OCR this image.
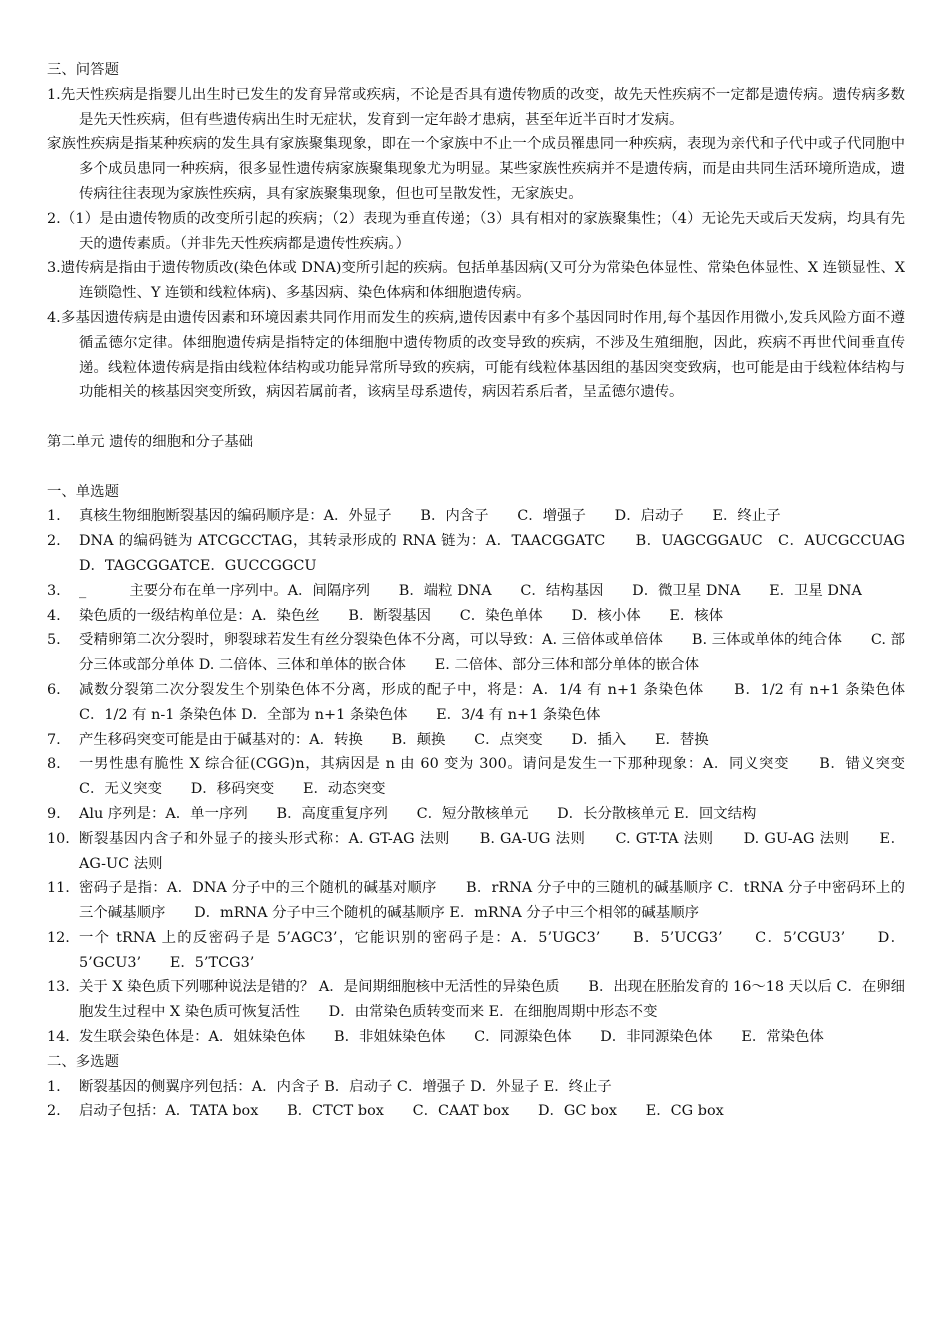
三、问答题

1.先天性疾病是指婴儿出生时已发生的发育异常或疾病，不论是否具有遗传物质的改变，故先天性疾病不一定都是遗传病。遗传病多数是先天性疾病，但有些遗传病出生时无症状，发育到一定年龄才患病，甚至年近半百时才发病。

家族性疾病是指某种疾病的发生具有家族聚集现象，即在一个家族中不止一个成员罹患同一种疾病，表现为亲代和子代中或子代同胞中多个成员患同一种疾病，很多显性遗传病家族聚集现象尤为明显。某些家族性疾病并不是遗传病，而是由共同生活环境所造成，遗传病往往表现为家族性疾病，具有家族聚集现象，但也可呈散发性，无家族史。

2.（1）是由遗传物质的改变所引起的疾病；（2）表现为垂直传递；（3）具有相对的家族聚集性；（4）无论先天或后天发病，均具有先天的遗传素质。（并非先天性疾病都是遗传性疾病。）

3.遗传病是指由于遗传物质改(染色体或 DNA)变所引起的疾病。包括单基因病(又可分为常染色体显性、常染色体显性、X 连锁显性、X 连锁隐性、Y 连锁和线粒体病)、多基因病、染色体病和体细胞遗传病。

4.多基因遗传病是由遗传因素和环境因素共同作用而发生的疾病,遗传因素中有多个基因同时作用,每个基因作用微小,发兵风险方面不遵循孟德尔定律。体细胞遗传病是指特定的体细胞中遗传物质的改变导致的疾病，不涉及生殖细胞，因此，疾病不再世代间垂直传递。线粒体遗传病是指由线粒体结构或功能异常所导致的疾病，可能有线粒体基因组的基因突变致病，也可能是由于线粒体结构与功能相关的核基因突变所致，病因若属前者，该病呈母系遗传，病因若系后者，呈孟德尔遗传。

第二单元 遗传的细胞和分子基础

一、单选题

1.	真核生物细胞断裂基因的编码顺序是：A．外显子　　B．内含子　　C．增强子　　D．启动子　　E．终止子
2.	DNA 的编码链为 ATCGCCTAG，其转录形成的 RNA 链为：A．TAACGGATC　　B．UAGCGGAUC　C．AUCGCCUAG　　D．TAGCGGATCE．GUCCGGCU
3.	_　　　主要分布在单一序列中。A．间隔序列　　B．端粒 DNA　　C．结构基因　　D．微卫星 DNA　　E．卫星 DNA
4.	染色质的一级结构单位是：A．染色丝　　B．断裂基因　　C．染色单体　　D．核小体　　E．核体
5.	受精卵第二次分裂时，卵裂球若发生有丝分裂染色体不分离，可以导致：A. 三倍体或单倍体　　B. 三体或单体的纯合体　　C. 部分三体或部分单体 D. 二倍体、三体和单体的嵌合体　　E. 二倍体、部分三体和部分单体的嵌合体
6.	减数分裂第二次分裂发生个别染色体不分离，形成的配子中，将是：A．1/4 有 n+1 条染色体　　B．1/2 有 n+1 条染色体　　C．1/2 有 n-1 条染色体 D．全部为 n+1 条染色体　　E．3/4 有 n+1 条染色体
7.	产生移码突变可能是由于碱基对的：A．转换　　B．颠换　　C．点突变　　D．插入　　E．替换
8.	一男性患有脆性 X 综合征(CGG)n，其病因是 n 由 60 变为 300。请问是发生一下那种现象：A．同义突变　　B．错义突变　　C．无义突变　　D．移码突变　　E．动态突变
9.	Alu 序列是：A．单一序列　　B．高度重复序列　　C．短分散核单元　　D．长分散核单元 E．回文结构
10. 断裂基因内含子和外显子的接头形式称：A. GT-AG 法则　　B. GA-UG 法则　　C. GT-TA 法则　　D. GU-AG 法则　　E．AG-UC 法则
11. 密码子是指：A．DNA 分子中的三个随机的碱基对顺序　　B．rRNA 分子中的三随机的碱基顺序 C．tRNA 分子中密码环上的三个碱基顺序　　D．mRNA 分子中三个随机的碱基顺序 E．mRNA 分子中三个相邻的碱基顺序
12. 一个 tRNA 上的反密码子是 5’AGC3’，它能识别的密码子是：A．5’UGC3’　　B．5’UCG3’　　C．5’CGU3’　　D．5’GCU3’　　E．5’TCG3’
13. 关于 X 染色质下列哪种说法是错的？ A．是间期细胞核中无活性的异染色质　　B．出现在胚胎发育的 16～18 天以后 C．在卵细胞发生过程中 X 染色质可恢复活性　　D．由常染色质转变而来 E．在细胞周期中形态不变
14. 发生联会染色体是：A．姐妹染色体　　B．非姐妹染色体　　C．同源染色体　　D．非同源染色体　　E．常染色体

二、多选题

1.	断裂基因的侧翼序列包括：A．内含子 B．启动子 C．增强子 D．外显子 E．终止子
2.	启动子包括：A．TATA box　　B．CTCT box　　C．CAAT box　　D．GC box　　E．CG box
